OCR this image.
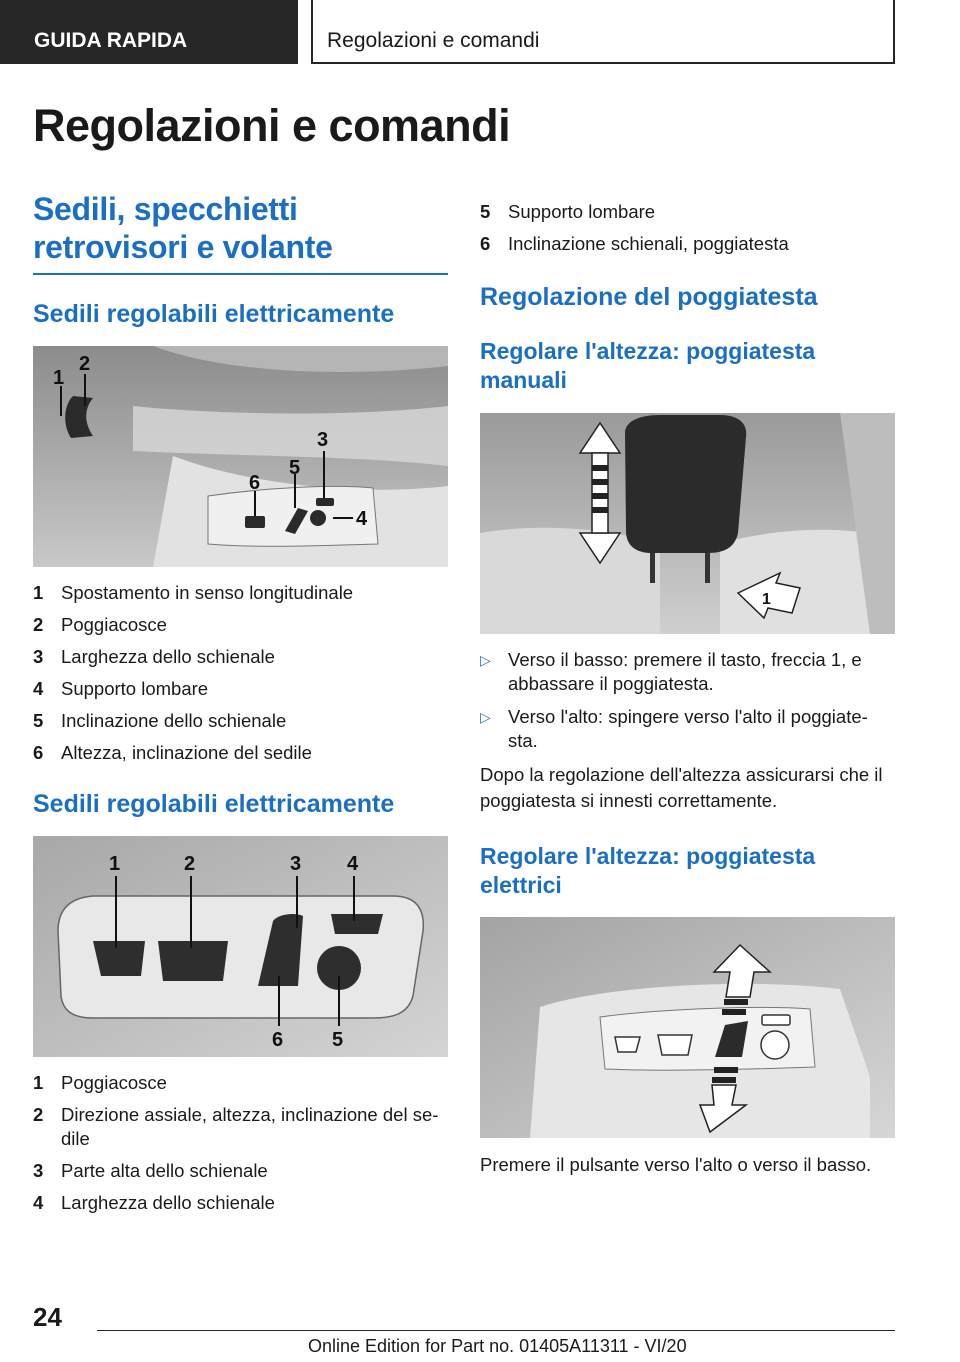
GUIDA RAPIDA	Regolazioni e comandi
Regolazioni e comandi
Sedili, specchietti retrovisori e volante
Sedili regolabili elettricamente
1
2
3
4
5
6
1 Spostamento in senso longitudinale
2 Poggiacosce
3 Larghezza dello schienale
4 Supporto lombare
5 Inclinazione dello schienale
6 Altezza, inclinazione del sedile
Sedili regolabili elettricamente
1	2	3 4
5
6
1 Poggiacosce
2 Direzione assiale, altezza, inclinazione del se-dile
3 Parte alta dello schienale
4 Larghezza dello schienale
5 Supporto lombare
6 Inclinazione schienali, poggiatesta
Regolazione del poggiatesta
Regolare l'altezza: poggiatesta manuali
1
▷ Verso il basso: premere il tasto, freccia 1, e abbassare il poggiatesta.
▷ Verso l'alto: spingere verso l'alto il poggiate-sta.

Dopo la regolazione dell'altezza assicurarsi che il poggiatesta si innesti correttamente.

Regolare l'altezza: poggiatesta elettrici

Premere il pulsante verso l'alto o verso il basso.

24
Online Edition for Part no. 01405A11311 - VI/20
